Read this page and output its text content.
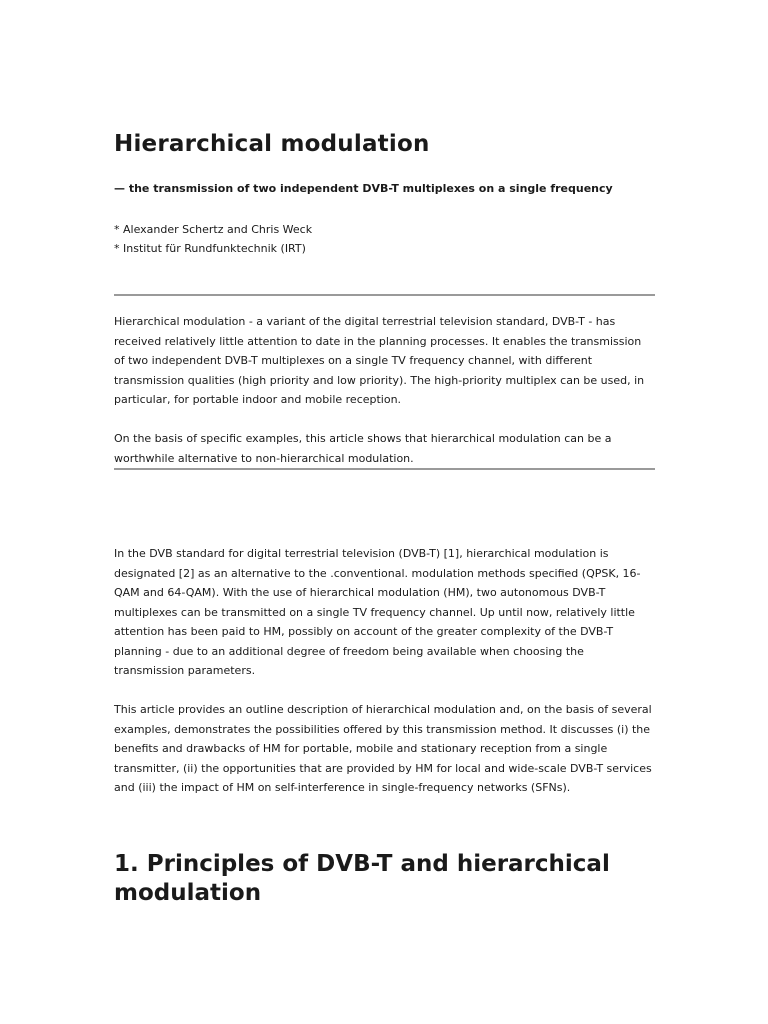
Hierarchical modulation

— the transmission of two independent DVB-T multiplexes on a single frequency

* Alexander Schertz and Chris Weck
* Institut für Rundfunktechnik (IRT)

Hierarchical modulation - a variant of the digital terrestrial television standard, DVB-T - has received relatively little attention to date in the planning processes. It enables the transmission of two independent DVB-T multiplexes on a single TV frequency channel, with different transmission qualities (high priority and low priority). The high-priority multiplex can be used, in particular, for portable indoor and mobile reception.

On the basis of specific examples, this article shows that hierarchical modulation can be a worthwhile alternative to non-hierarchical modulation.

In the DVB standard for digital terrestrial television (DVB-T) [1], hierarchical modulation is designated [2] as an alternative to the .conventional. modulation methods specified (QPSK, 16-QAM and 64-QAM). With the use of hierarchical modulation (HM), two autonomous DVB-T multiplexes can be transmitted on a single TV frequency channel. Up until now, relatively little attention has been paid to HM, possibly on account of the greater complexity of the DVB-T planning - due to an additional degree of freedom being available when choosing the transmission parameters.

This article provides an outline description of hierarchical modulation and, on the basis of several examples, demonstrates the possibilities offered by this transmission method. It discusses (i) the benefits and drawbacks of HM for portable, mobile and stationary reception from a single transmitter, (ii) the opportunities that are provided by HM for local and wide-scale DVB-T services and (iii) the impact of HM on self-interference in single-frequency networks (SFNs).

1. Principles of DVB-T and hierarchical modulation
